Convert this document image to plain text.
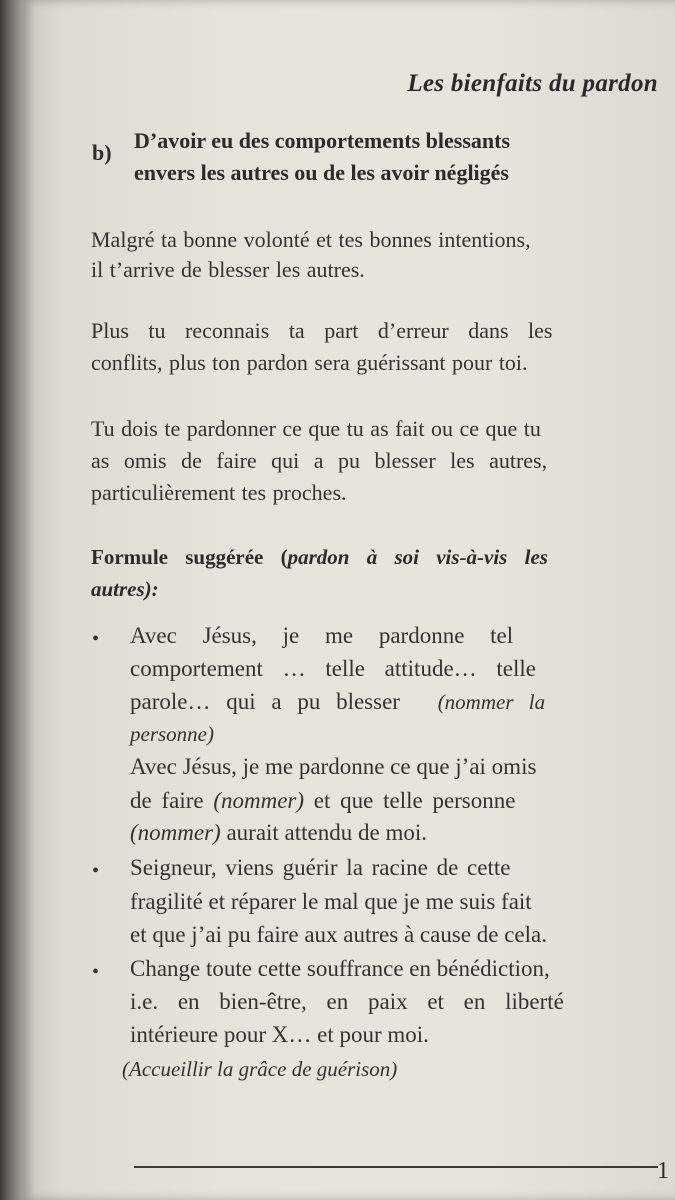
Les bienfaits du pardon
b) D’avoir eu des comportements blessants
envers les autres ou de les avoir négligés
Malgré ta bonne volonté et tes bonnes intentions,
il t’arrive de blesser les autres.
Plus tu reconnais ta part d’erreur dans les
conflits, plus ton pardon sera guérissant pour toi.
Tu dois te pardonner ce que tu as fait ou ce que tu
as omis de faire qui a pu blesser les autres,
particulièrement tes proches.
Formule suggérée (pardon à soi vis-à-vis les
autres):
• Avec Jésus, je me pardonne tel
comportement … telle attitude… telle
parole… qui a pu blesser (nommer la
personne)
Avec Jésus, je me pardonne ce que j’ai omis
de faire (nommer) et que telle personne
(nommer) aurait attendu de moi.
• Seigneur, viens guérir la racine de cette
fragilité et réparer le mal que je me suis fait
et que j’ai pu faire aux autres à cause de cela.
• Change toute cette souffrance en bénédiction,
i.e. en bien-être, en paix et en liberté
intérieure pour X… et pour moi.
(Accueillir la grâce de guérison)
1
